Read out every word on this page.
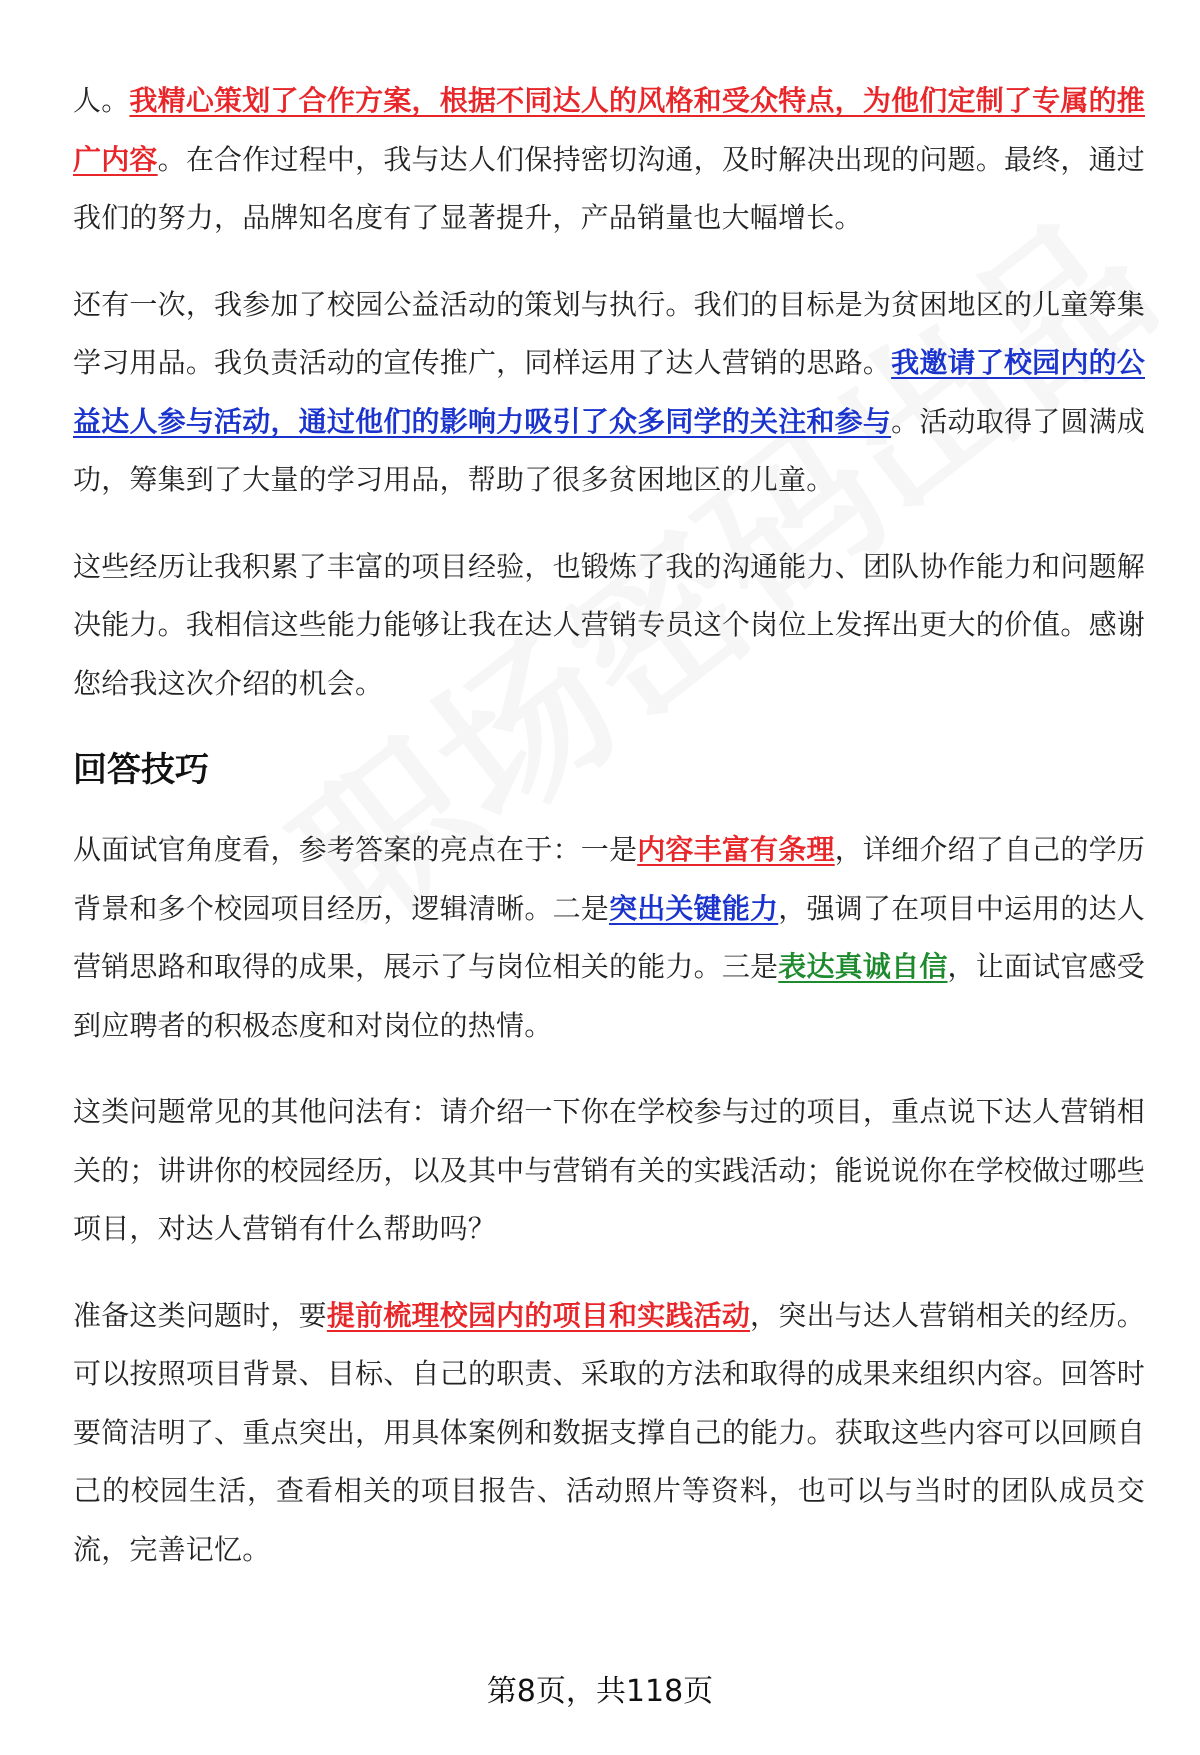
人。我精心策划了合作方案，根据不同达人的风格和受众特点，为他们定制了专属的推广内容。在合作过程中，我与达人们保持密切沟通，及时解决出现的问题。最终，通过我们的努力，品牌知名度有了显著提升，产品销量也大幅增长。

还有一次，我参加了校园公益活动的策划与执行。我们的目标是为贫困地区的儿童筹集学习用品。我负责活动的宣传推广，同样运用了达人营销的思路。我邀请了校园内的公益达人参与活动，通过他们的影响力吸引了众多同学的关注和参与。活动取得了圆满成功，筹集到了大量的学习用品，帮助了很多贫困地区的儿童。

这些经历让我积累了丰富的项目经验，也锻炼了我的沟通能力、团队协作能力和问题解决能力。我相信这些能力能够让我在达人营销专员这个岗位上发挥出更大的价值。感谢您给我这次介绍的机会。

回答技巧

从面试官角度看，参考答案的亮点在于：一是内容丰富有条理，详细介绍了自己的学历背景和多个校园项目经历，逻辑清晰。二是突出关键能力，强调了在项目中运用的达人营销思路和取得的成果，展示了与岗位相关的能力。三是表达真诚自信，让面试官感受到应聘者的积极态度和对岗位的热情。

这类问题常见的其他问法有：请介绍一下你在学校参与过的项目，重点说下达人营销相关的；讲讲你的校园经历，以及其中与营销有关的实践活动；能说说你在学校做过哪些项目，对达人营销有什么帮助吗？

准备这类问题时，要提前梳理校园内的项目和实践活动，突出与达人营销相关的经历。可以按照项目背景、目标、自己的职责、采取的方法和取得的成果来组织内容。回答时要简洁明了、重点突出，用具体案例和数据支撑自己的能力。获取这些内容可以回顾自己的校园生活，查看相关的项目报告、活动照片等资料，也可以与当时的团队成员交流，完善记忆。

第8页，共118页
